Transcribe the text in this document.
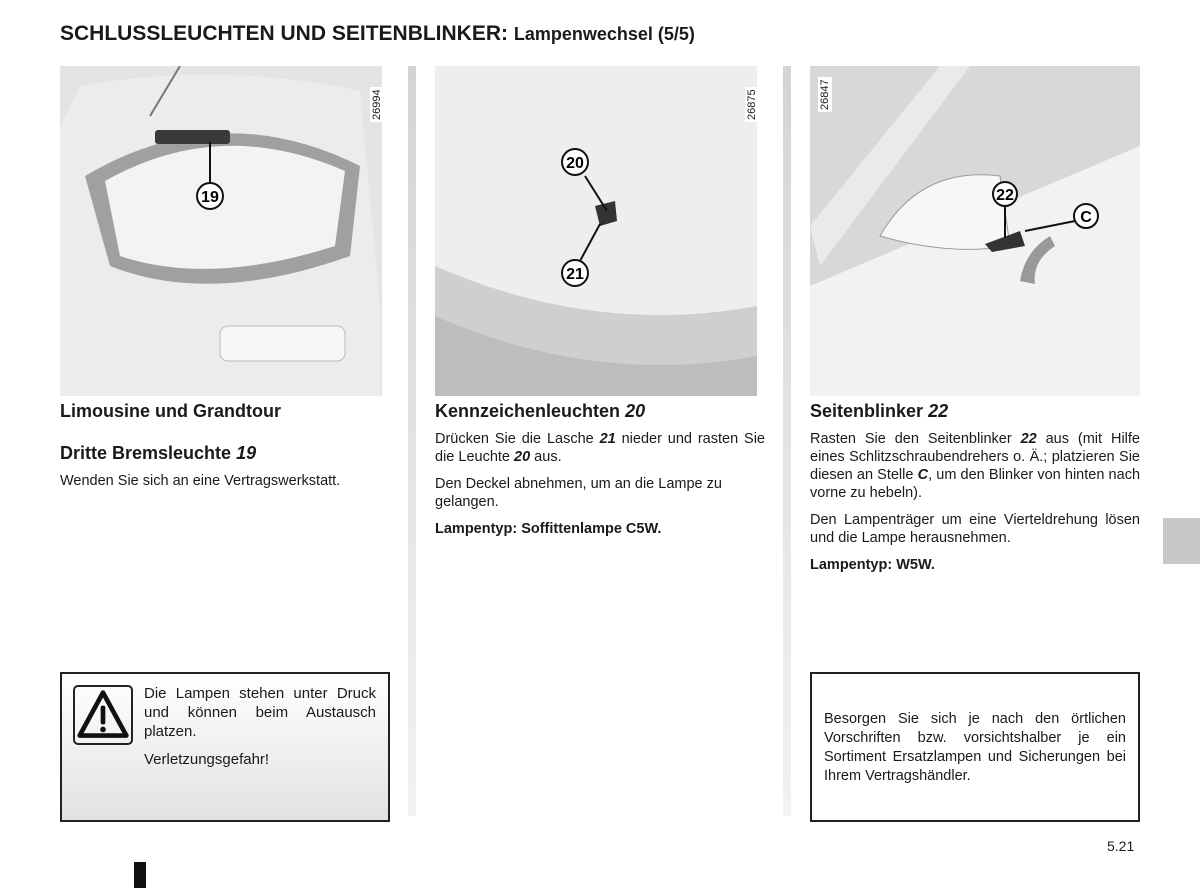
SCHLUSSLEUCHTEN UND SEITENBLINKER: Lampenwechsel (5/5)
19
26994
20
21
26875
22
C
26847
Limousine und Grandtour
Dritte Bremsleuchte 19

Wenden Sie sich an eine Vertragswerkstatt.

Kennzeichenleuchten 20

Drücken Sie die Lasche 21 nieder und rasten Sie die Leuchte 20 aus.

Den Deckel abnehmen, um an die Lampe zu gelangen.

Lampentyp: Soffittenlampe C5W.

Seitenblinker 22

Rasten Sie den Seitenblinker 22 aus (mit Hilfe eines Schlitzschraubendrehers o. Ä.; platzieren Sie diesen an Stelle C, um den Blinker von hinten nach vorne zu hebeln).

Den Lampenträger um eine Vierteldrehung lösen und die Lampe herausnehmen.

Lampentyp: W5W.

Die Lampen stehen unter Druck und können beim Austausch platzen.

Verletzungsgefahr!

Besorgen Sie sich je nach den örtlichen Vorschriften bzw. vorsichtshalber je ein Sortiment Ersatzlampen und Sicherungen bei Ihrem Vertragshändler.

5.21
